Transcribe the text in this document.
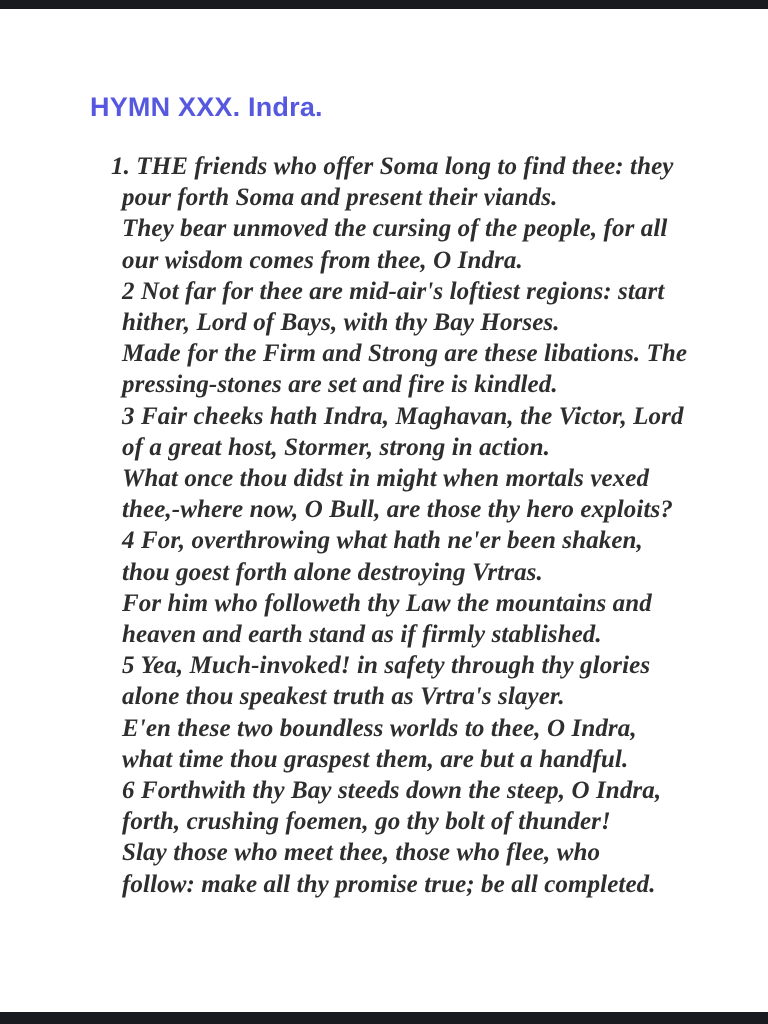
HYMN XXX. Indra.
1. THE friends who offer Soma long to find thee: they
pour forth Soma and present their viands.
They bear unmoved the cursing of the people, for all
our wisdom comes from thee, O Indra.
2 Not far for thee are mid-air's loftiest regions: start
hither, Lord of Bays, with thy Bay Horses.
Made for the Firm and Strong are these libations. The
pressing-stones are set and fire is kindled.
3 Fair cheeks hath Indra, Maghavan, the Victor, Lord
of a great host, Stormer, strong in action.
What once thou didst in might when mortals vexed
thee,-where now, O Bull, are those thy hero exploits?
4 For, overthrowing what hath ne'er been shaken,
thou goest forth alone destroying Vrtras.
For him who followeth thy Law the mountains and
heaven and earth stand as if firmly stablished.
5 Yea, Much-invoked! in safety through thy glories
alone thou speakest truth as Vrtra's slayer.
E'en these two boundless worlds to thee, O Indra,
what time thou graspest them, are but a handful.
6 Forthwith thy Bay steeds down the steep, O Indra,
forth, crushing foemen, go thy bolt of thunder!
Slay those who meet thee, those who flee, who
follow: make all thy promise true; be all completed.
